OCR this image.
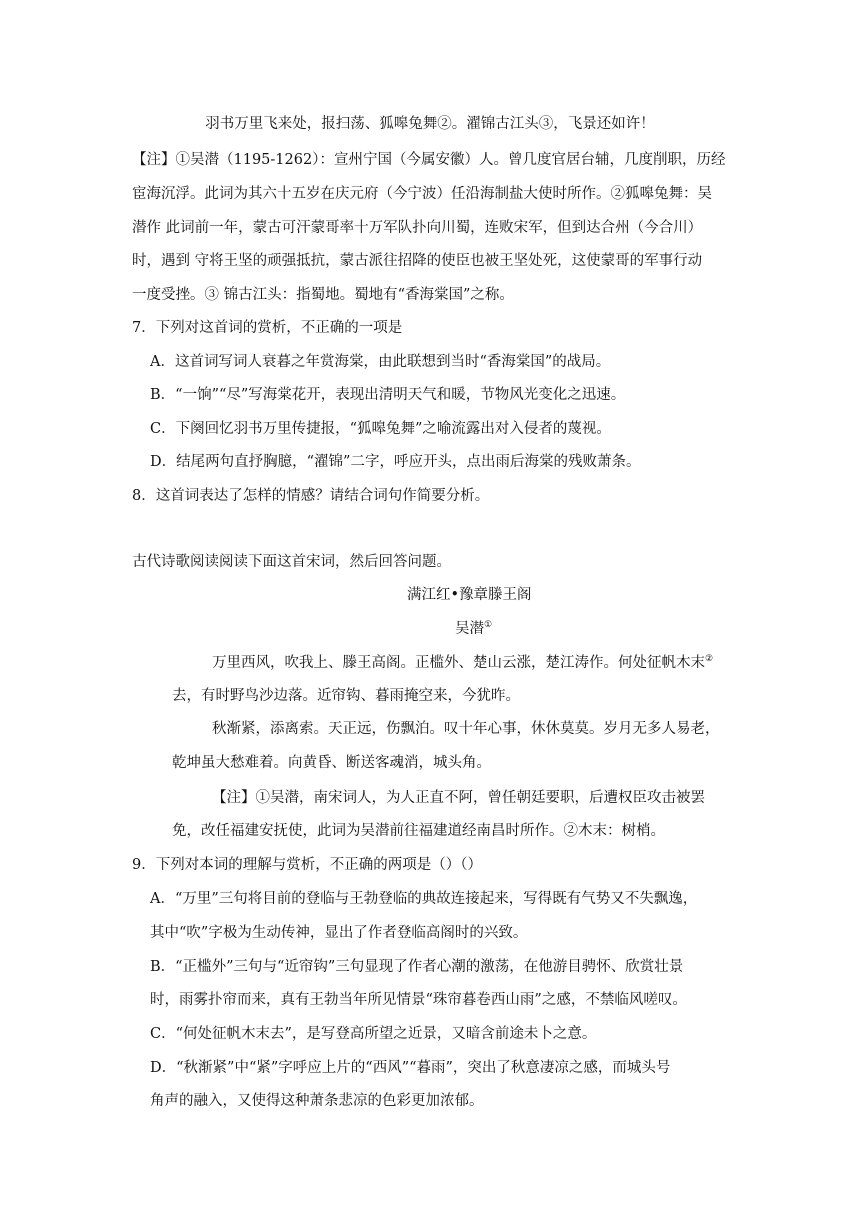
羽书万里飞来处，报扫荡、狐嗥兔舞②。濯锦古江头③，飞景还如许！
【注】①吴潜（1195-1262）：宣州宁国（今属安徽）人。曾几度官居台辅，几度削职，历经
宦海沉浮。此词为其六十五岁在庆元府（今宁波）任沿海制盐大使时所作。②狐嗥兔舞：吴
潜作 此词前一年，蒙古可汗蒙哥率十万军队扑向川蜀，连败宋军，但到达合州（今合川）
时，遇到 守将王坚的顽强抵抗，蒙古派往招降的使臣也被王坚处死，这使蒙哥的军事行动
一度受挫。③ 锦古江头：指蜀地。蜀地有“香海棠国”之称。
7．下列对这首词的赏析，不正确的一项是
A．这首词写词人衰暮之年赏海棠，由此联想到当时“香海棠国”的战局。
B．“一饷”“尽”写海棠花开，表现出清明天气和暖，节物风光变化之迅速。
C．下阕回忆羽书万里传捷报，“狐嗥兔舞”之喻流露出对入侵者的蔑视。
D．结尾两句直抒胸臆，“濯锦”二字，呼应开头，点出雨后海棠的残败萧条。
8．这首词表达了怎样的情感？请结合词句作简要分析。
古代诗歌阅读阅读下面这首宋词，然后回答问题。
满江红•豫章滕王阁
吴潜①
万里西风，吹我上、滕王高阁。正槛外、楚山云涨，楚江涛作。何处征帆木末②
去，有时野鸟沙边落。近帘钩、暮雨掩空来，今犹昨。
秋渐紧，添离索。天正远，伤飘泊。叹十年心事，休休莫莫。岁月无多人易老，
乾坤虽大愁难着。向黄昏、断送客魂消，城头角。
【注】①吴潜，南宋词人，为人正直不阿，曾任朝廷要职，后遭权臣攻击被罢
免，改任福建安抚使，此词为吴潜前往福建道经南昌时所作。②木末：树梢。
9．下列对本词的理解与赏析，不正确的两项是（）（）
A．“万里”三句将目前的登临与王勃登临的典故连接起来，写得既有气势又不失飘逸，
其中“吹”字极为生动传神，显出了作者登临高阁时的兴致。
B．“正槛外”三句与“近帘钩”三句显现了作者心潮的激荡，在他游目骋怀、欣赏壮景
时，雨雾扑帘而来，真有王勃当年所见情景“珠帘暮卷西山雨”之感，不禁临风嗟叹。
C．“何处征帆木末去”，是写登高所望之近景，又暗含前途未卜之意。
D．“秋渐紧”中“紧”字呼应上片的“西风”“暮雨”，突出了秋意凄凉之感，而城头号
角声的融入，又使得这种萧条悲凉的色彩更加浓郁。
